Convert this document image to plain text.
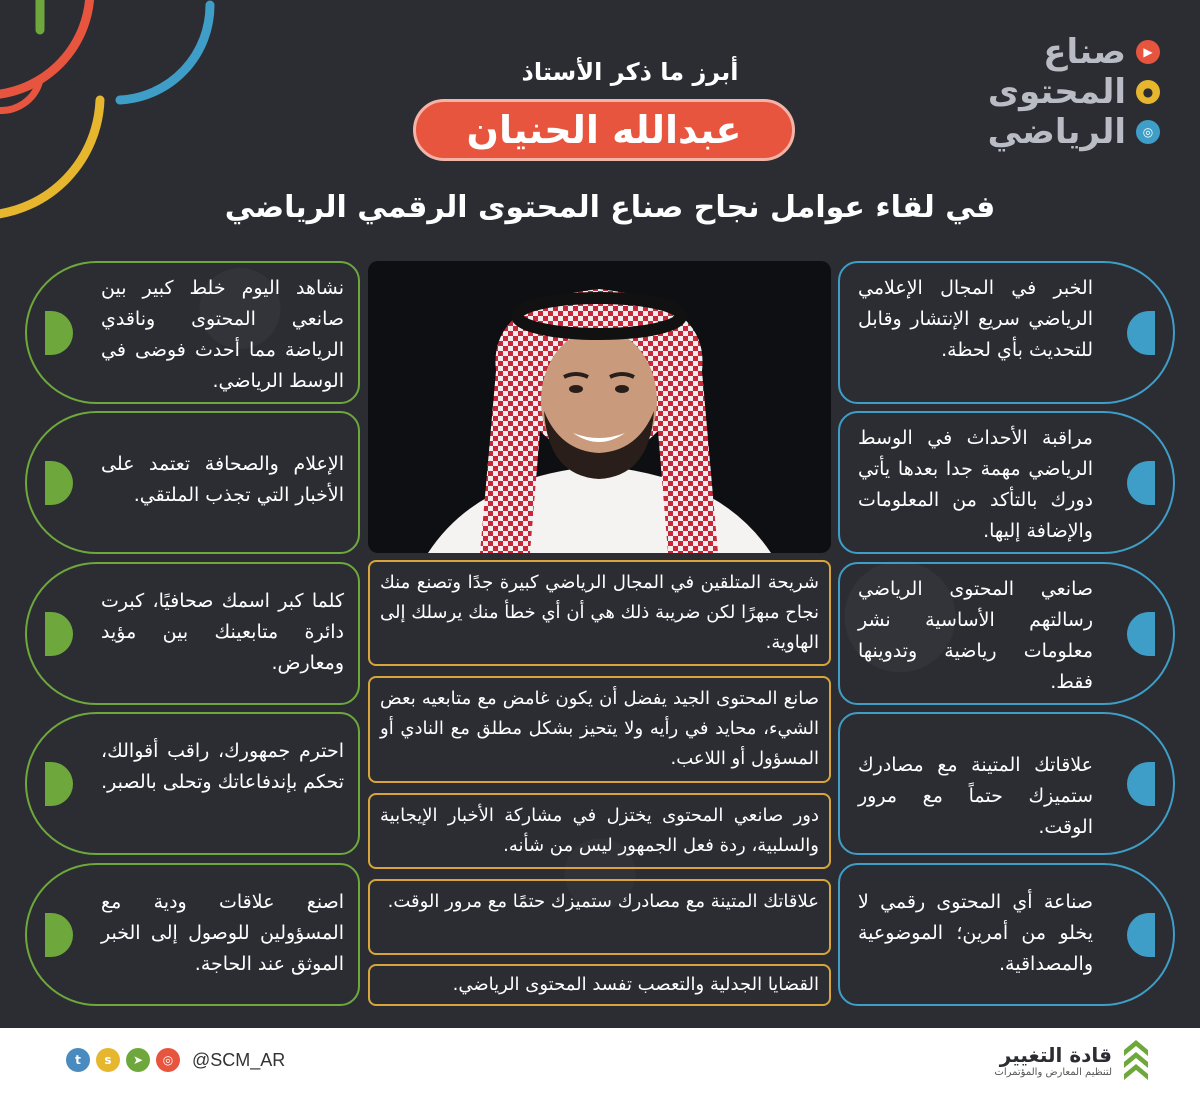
▶
صناع
●
المحتوى
◎
الرياضي
أبرز ما ذكر الأستاذ
عبدالله الحنيان
في لقاء عوامل نجاح صناع المحتوى الرقمي الرياضي
الخبر في المجال الإعلامي الرياضي سريع الإنتشار وقابل للتحديث بأي لحظة.
مراقبة الأحداث في الوسط الرياضي مهمة جدا بعدها يأتي دورك بالتأكد من المعلومات والإضافة إليها.
صانعي المحتوى الرياضي رسالتهم الأساسية نشر معلومات رياضية وتدوينها فقط.
علاقاتك المتينة مع مصادرك ستميزك حتماً مع مرور الوقت.
صناعة أي المحتوى رقمي لا يخلو من أمرين؛ الموضوعية والمصداقية.
نشاهد اليوم خلط كبير بين صانعي المحتوى وناقدي الرياضة مما أحدث فوضى في الوسط الرياضي.
الإعلام والصحافة تعتمد على الأخبار التي تجذب الملتقي.
كلما كبر اسمك صحافيًا، كبرت دائرة متابعينك بين مؤيد ومعارض.
احترم جمهورك، راقب أقوالك، تحكم بإندفاعاتك وتحلى بالصبر.
اصنع علاقات ودية مع المسؤولين للوصول إلى الخبر الموثق عند الحاجة.
شريحة المتلقين في المجال الرياضي كبيرة جدًا وتصنع منك نجاح مبهرًا لكن ضريبة ذلك هي أن أي خطأ منك يرسلك إلى الهاوية.
صانع المحتوى الجيد يفضل أن يكون غامض مع متابعيه بعض الشيء، محايد في رأيه ولا يتحيز بشكل مطلق مع النادي أو المسؤول أو اللاعب.
دور صانعي المحتوى يختزل في مشاركة الأخبار الإيجابية والسلبية، ردة فعل الجمهور ليس من شأنه.
علاقاتك المتينة مع مصادرك ستميزك حتمًا مع مرور الوقت.
القضايا الجدلية والتعصب تفسد المحتوى الرياضي.
t	s	➤	◎	@SCM_AR	قادة التغيير
لتنظيم المعارض والمؤتمرات
